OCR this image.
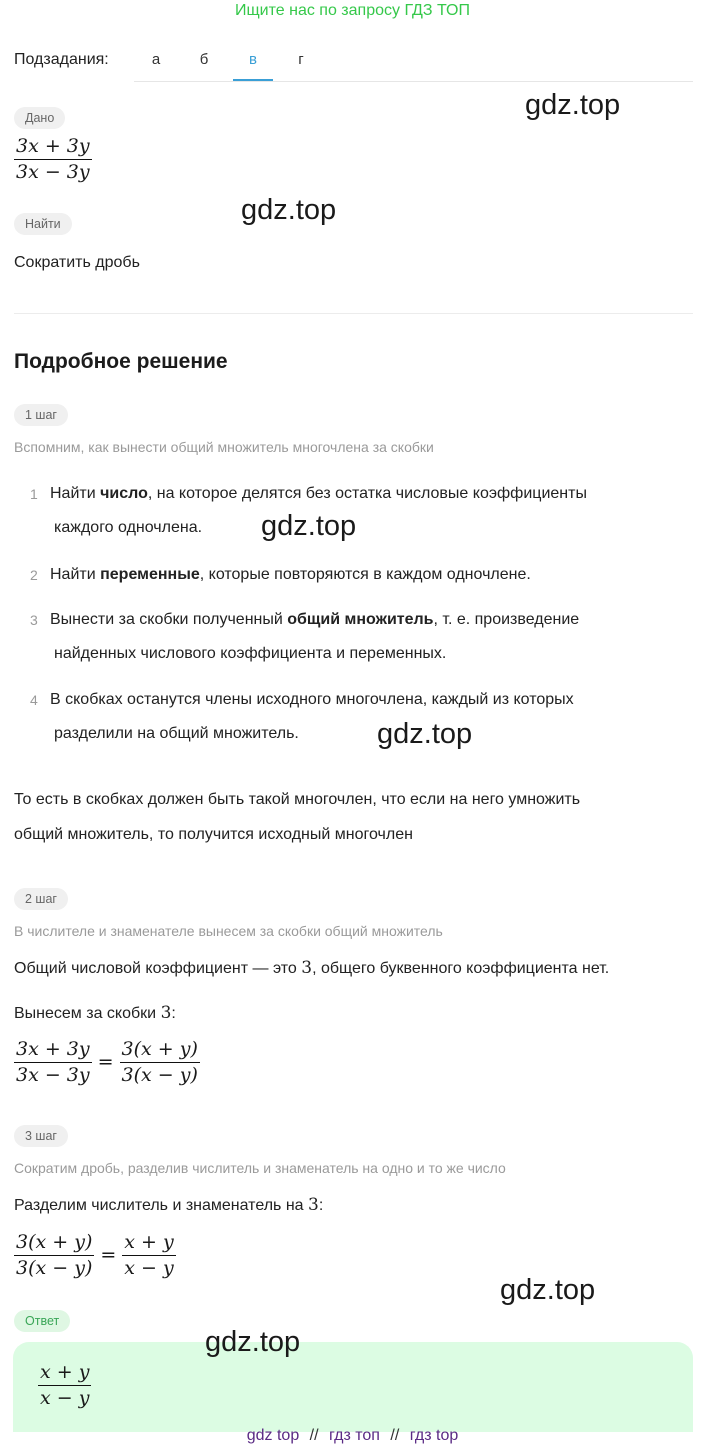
Ищите нас по запросу ГДЗ ТОП
Подзадания:	а	б	в	г
Дано
$\frac{3x + 3y}{3x - 3y}$
Найти
Сократить дробь
Подробное решение
1 шаг
Вспомним, как вынести общий множитель многочлена за скобки
1 Найти число, на которое делятся без остатка числовые коэффициенты
каждого одночлена.
2 Найти переменные, которые повторяются в каждом одночлене.
3 Вынести за скобки полученный общий множитель, т. е. произведение
найденных числового коэффициента и переменных.
4 В скобках останутся члены исходного многочлена, каждый из которых
разделили на общий множитель.
То есть в скобках должен быть такой многочлен, что если на него умножить
общий множитель, то получится исходный многочлен
2 шаг
В числителе и знаменателе вынесем за скобки общий множитель
Общий числовой коэффициент — это 3, общего буквенного коэффициента нет.
Вынесем за скобки 3:
$\frac{3x + 3y}{3x - 3y} = \frac{3(x + y)}{3(x - y)}$
3 шаг
Сократим дробь, разделив числитель и знаменатель на одно и то же число
Разделим числитель и знаменатель на 3:
$\frac{3(x + y)}{3(x - y)} = \frac{x + y}{x - y}$
Ответ
$\frac{x + y}{x - y}$
gdz.top
gdz.top
gdz.top
gdz.top
gdz.top
gdz.top
gdz top // гдз топ // гдз top
